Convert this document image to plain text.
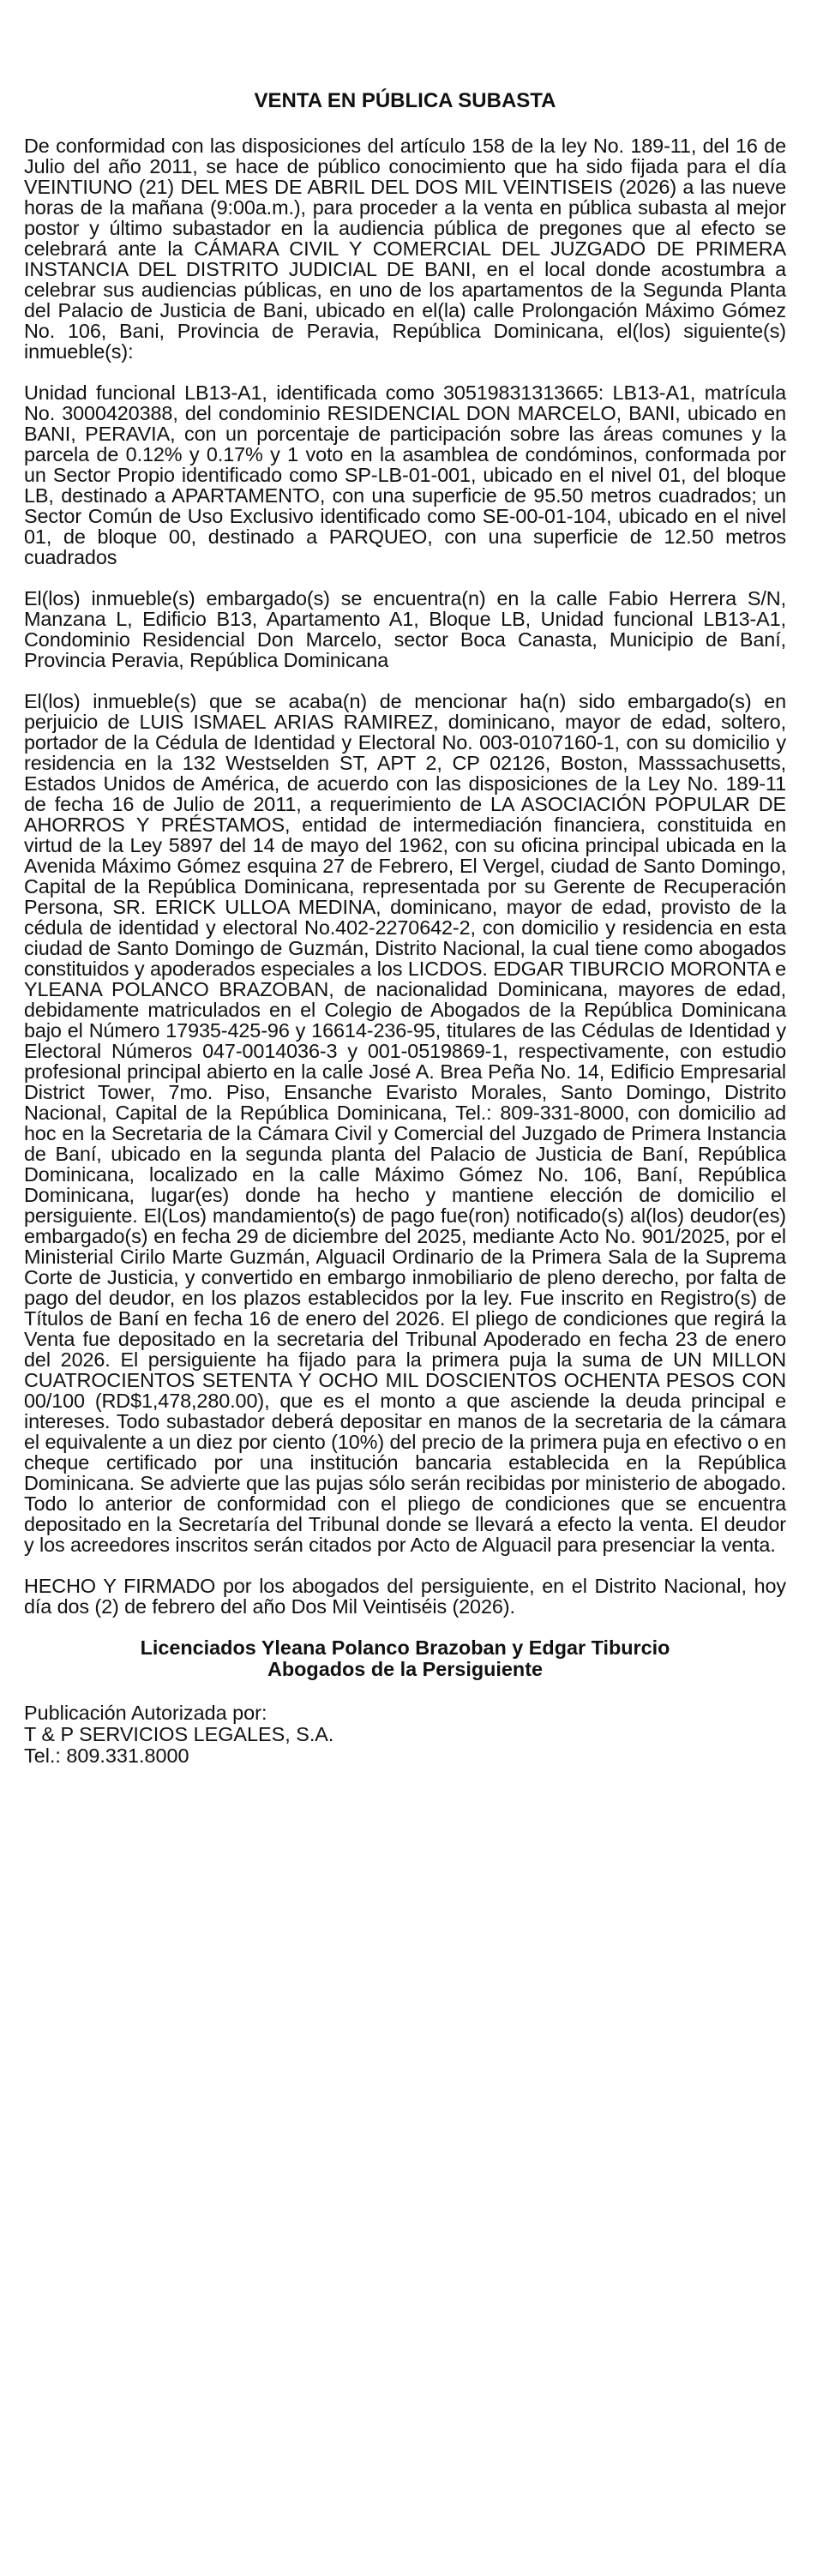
VENTA EN PÚBLICA SUBASTA

De conformidad con las disposiciones del artículo 158 de la ley No. 189-11, del 16 de Julio del año 2011, se hace de público conocimiento que ha sido fijada para el día VEINTIUNO (21) DEL MES DE ABRIL DEL DOS MIL VEINTISEIS (2026) a las nueve horas de la mañana (9:00a.m.), para proceder a la venta en pública subasta al mejor postor y último subastador en la audiencia pública de pregones que al efecto se celebrará ante la CÁMARA CIVIL Y COMERCIAL DEL JUZGADO DE PRIMERA INSTANCIA DEL DISTRITO JUDICIAL DE BANI, en el local donde acostumbra a celebrar sus audiencias públicas, en uno de los apartamentos de la Segunda Planta del Palacio de Justicia de Bani, ubicado en el(la) calle Prolongación Máximo Gómez No. 106, Bani, Provincia de Peravia, República Dominicana, el(los) siguiente(s) inmueble(s):

Unidad funcional LB13-A1, identificada como 30519831313665: LB13-A1, matrícula No. 3000420388, del condominio RESIDENCIAL DON MARCELO, BANI, ubicado en BANI, PERAVIA, con un porcentaje de participación sobre las áreas comunes y la parcela de 0.12% y 0.17% y 1 voto en la asamblea de condóminos, conformada por un Sector Propio identificado como SP-LB-01-001, ubicado en el nivel 01, del bloque LB, destinado a APARTAMENTO, con una superficie de 95.50 metros cuadrados; un Sector Común de Uso Exclusivo identificado como SE-00-01-104, ubicado en el nivel 01, de bloque 00, destinado a PARQUEO, con una superficie de 12.50 metros cuadrados

El(los) inmueble(s) embargado(s) se encuentra(n) en la calle Fabio Herrera S/N, Manzana L, Edificio B13, Apartamento A1, Bloque LB, Unidad funcional LB13-A1, Condominio Residencial Don Marcelo, sector Boca Canasta, Municipio de Baní, Provincia Peravia, República Dominicana

El(los) inmueble(s) que se acaba(n) de mencionar ha(n) sido embargado(s) en perjuicio de LUIS ISMAEL ARIAS RAMIREZ, dominicano, mayor de edad, soltero, portador de la Cédula de Identidad y Electoral No. 003-0107160-1, con su domicilio y residencia en la 132 Westselden ST, APT 2, CP 02126, Boston, Masssachusetts, Estados Unidos de América, de acuerdo con las disposiciones de la Ley No. 189-11 de fecha 16 de Julio de 2011, a requerimiento de LA ASOCIACIÓN POPULAR DE AHORROS Y PRÉSTAMOS, entidad de intermediación financiera, constituida en virtud de la Ley 5897 del 14 de mayo del 1962, con su oficina principal ubicada en la Avenida Máximo Gómez esquina 27 de Febrero, El Vergel, ciudad de Santo Domingo, Capital de la República Dominicana, representada por su Gerente de Recuperación Persona, SR. ERICK ULLOA MEDINA, dominicano, mayor de edad, provisto de la cédula de identidad y electoral No.402-2270642-2, con domicilio y residencia en esta ciudad de Santo Domingo de Guzmán, Distrito Nacional, la cual tiene como abogados constituidos y apoderados especiales a los LICDOS. EDGAR TIBURCIO MORONTA e YLEANA POLANCO BRAZOBAN, de nacionalidad Dominicana, mayores de edad, debidamente matriculados en el Colegio de Abogados de la República Dominicana bajo el Número 17935-425-96 y 16614-236-95, titulares de las Cédulas de Identidad y Electoral Números 047-0014036-3 y 001-0519869-1, respectivamente, con estudio profesional principal abierto en la calle José A. Brea Peña No. 14, Edificio Empresarial District Tower, 7mo. Piso, Ensanche Evaristo Morales, Santo Domingo, Distrito Nacional, Capital de la República Dominicana, Tel.: 809-331-8000, con domicilio ad hoc en la Secretaria de la Cámara Civil y Comercial del Juzgado de Primera Instancia de Baní, ubicado en la segunda planta del Palacio de Justicia de Baní, República Dominicana, localizado en la calle Máximo Gómez No. 106, Baní, República Dominicana, lugar(es) donde ha hecho y mantiene elección de domicilio el persiguiente. El(Los) mandamiento(s) de pago fue(ron) notificado(s) al(los) deudor(es) embargado(s) en fecha 29 de diciembre del 2025, mediante Acto No. 901/2025, por el Ministerial Cirilo Marte Guzmán, Alguacil Ordinario de la Primera Sala de la Suprema Corte de Justicia, y convertido en embargo inmobiliario de pleno derecho, por falta de pago del deudor, en los plazos establecidos por la ley. Fue inscrito en Registro(s) de Títulos de Baní en fecha 16 de enero del 2026. El pliego de condiciones que regirá la Venta fue depositado en la secretaria del Tribunal Apoderado en fecha 23 de enero del 2026. El persiguiente ha fijado para la primera puja la suma de UN MILLON CUATROCIENTOS SETENTA Y OCHO MIL DOSCIENTOS OCHENTA PESOS CON 00/100 (RD$1,478,280.00), que es el monto a que asciende la deuda principal e intereses. Todo subastador deberá depositar en manos de la secretaria de la cámara el equivalente a un diez por ciento (10%) del precio de la primera puja en efectivo o en cheque certificado por una institución bancaria establecida en la República Dominicana. Se advierte que las pujas sólo serán recibidas por ministerio de abogado. Todo lo anterior de conformidad con el pliego de condiciones que se encuentra depositado en la Secretaría del Tribunal donde se llevará a efecto la venta. El deudor y los acreedores inscritos serán citados por Acto de Alguacil para presenciar la venta.

HECHO Y FIRMADO por los abogados del persiguiente, en el Distrito Nacional, hoy día dos (2) de febrero del año Dos Mil Veintiséis (2026).

Licenciados Yleana Polanco Brazoban y Edgar Tiburcio
Abogados de la Persiguiente
Publicación Autorizada por:
T & P SERVICIOS LEGALES, S.A.
Tel.: 809.331.8000
